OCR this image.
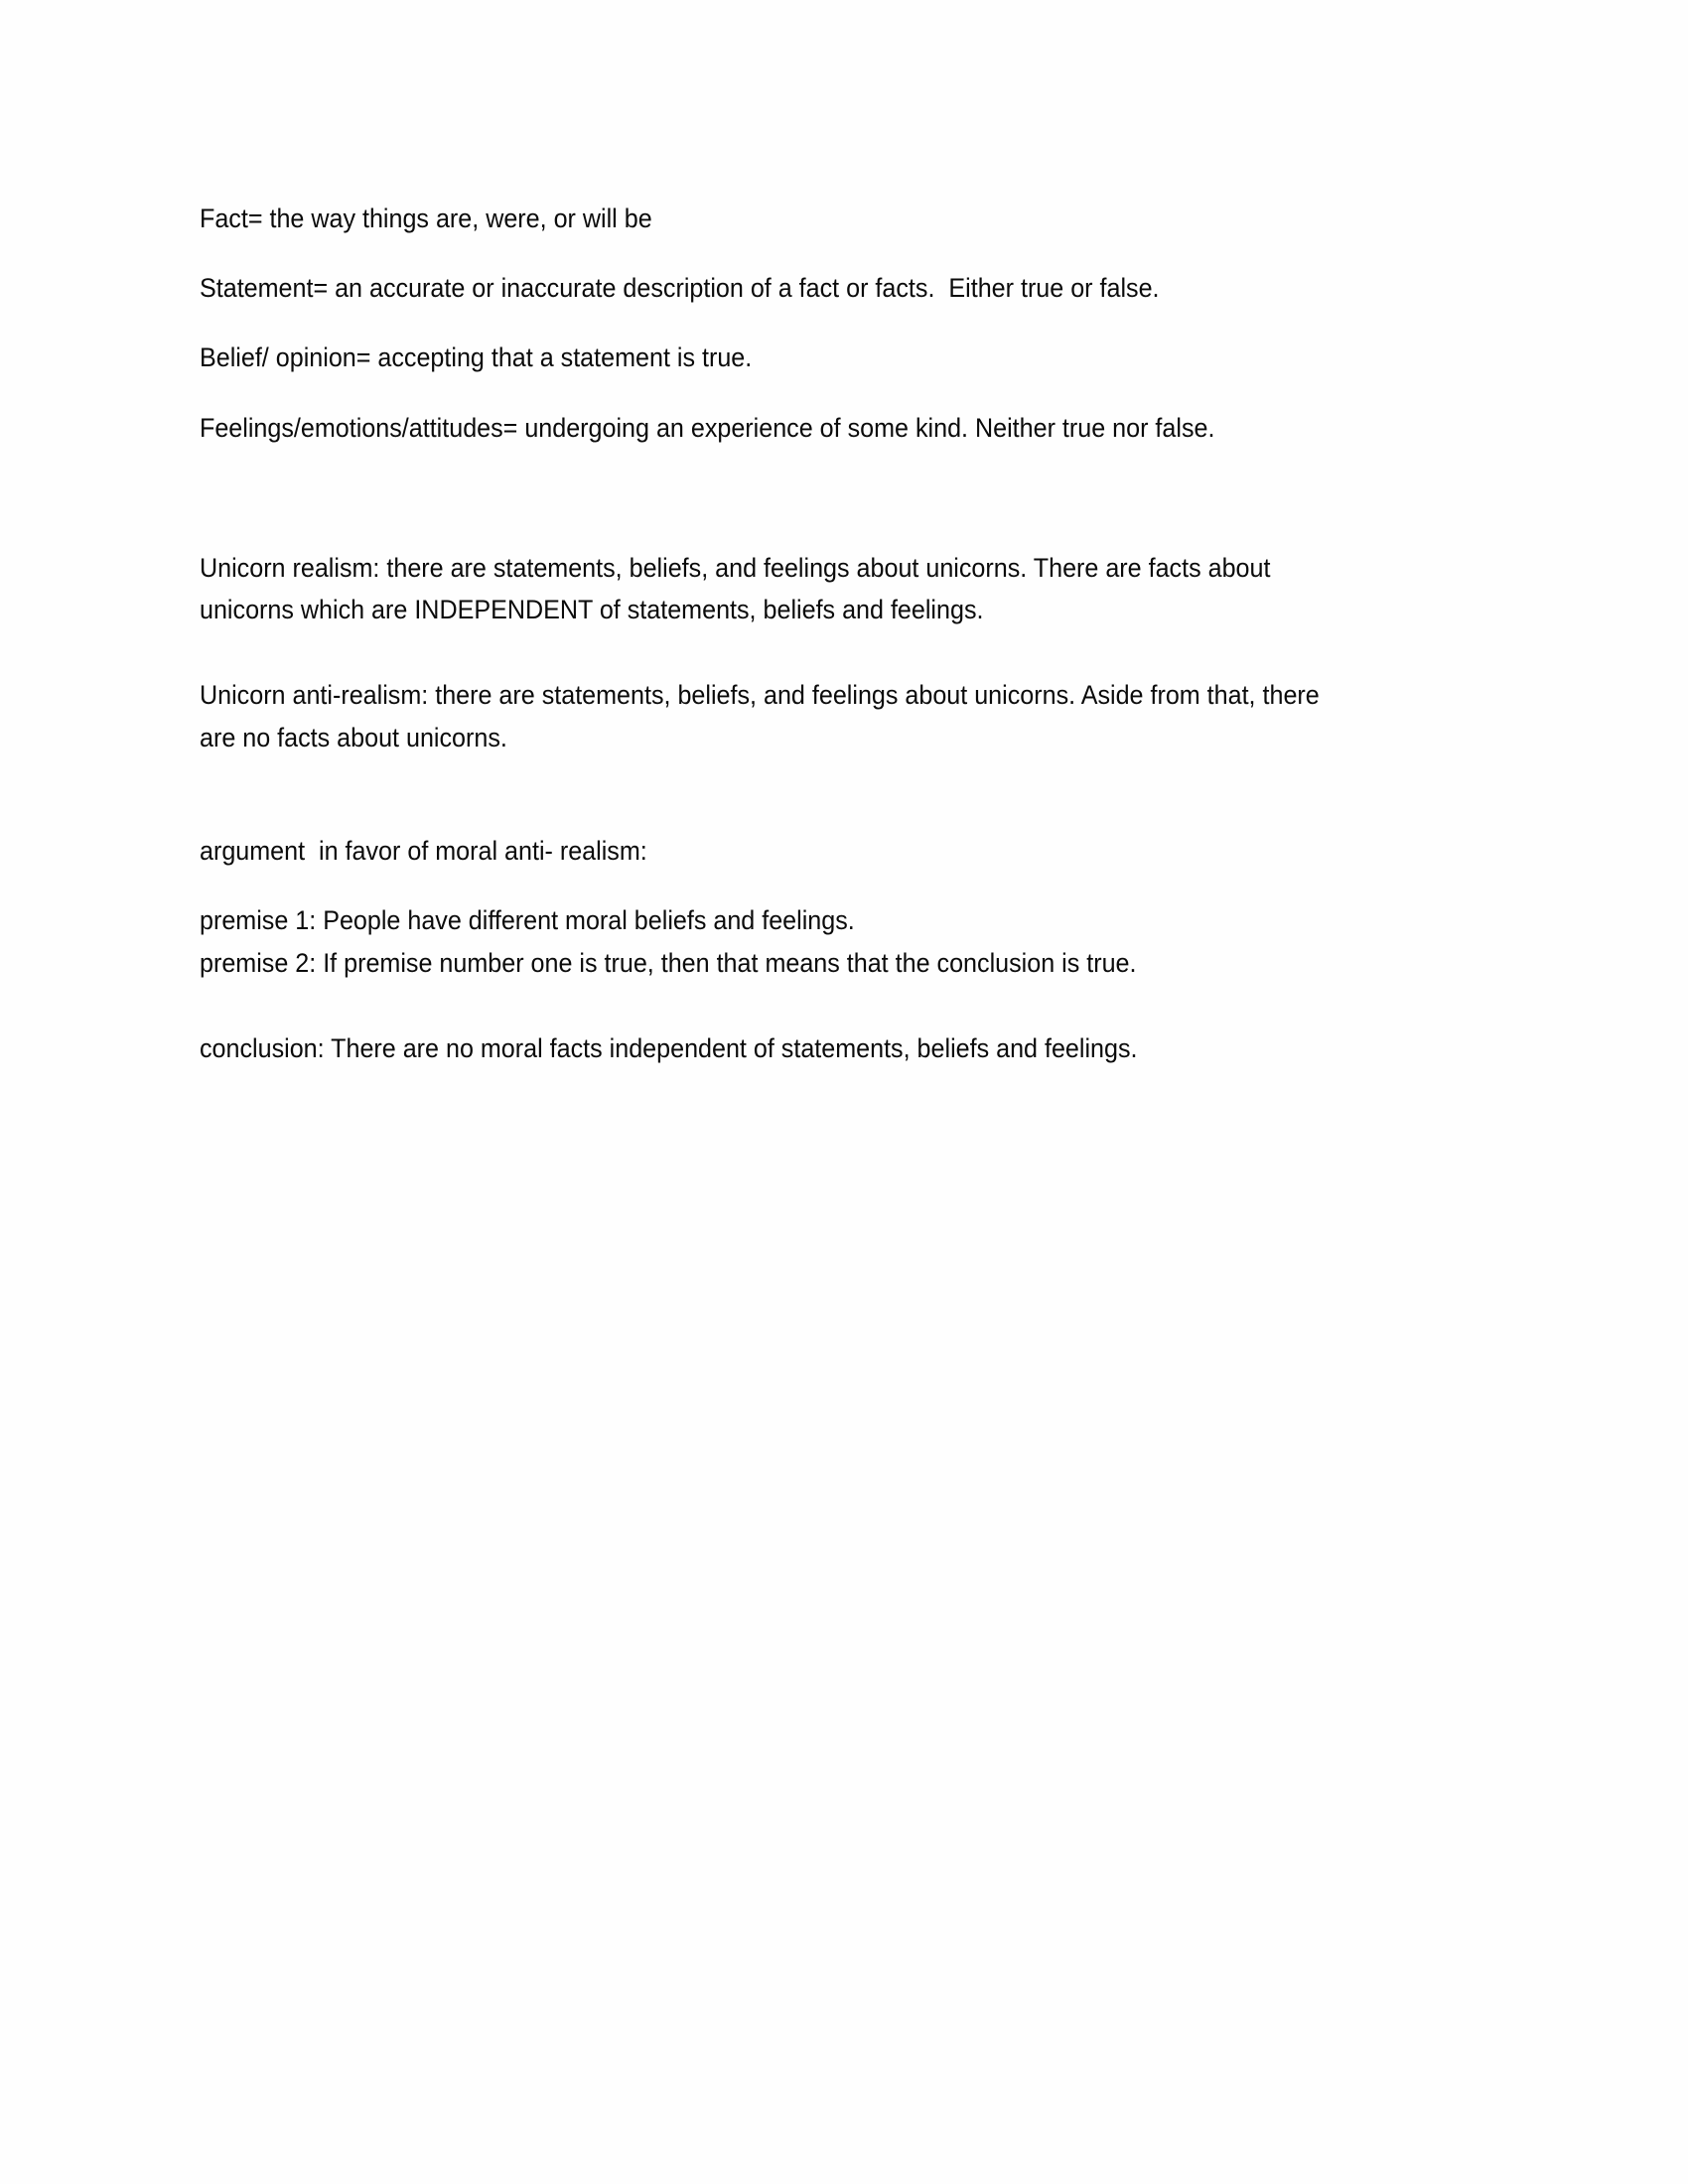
Fact= the way things are, were, or will be

Statement= an accurate or inaccurate description of a fact or facts.  Either true or false.

Belief/ opinion= accepting that a statement is true.

Feelings/emotions/attitudes= undergoing an experience of some kind. Neither true nor false.

Unicorn realism: there are statements, beliefs, and feelings about unicorns. There are facts about

unicorns which are INDEPENDENT of statements, beliefs and feelings.

Unicorn anti-realism: there are statements, beliefs, and feelings about unicorns. Aside from that, there

are no facts about unicorns.

argument  in favor of moral anti- realism:

premise 1: People have different moral beliefs and feelings.

premise 2: If premise number one is true, then that means that the conclusion is true.

conclusion: There are no moral facts independent of statements, beliefs and feelings.
